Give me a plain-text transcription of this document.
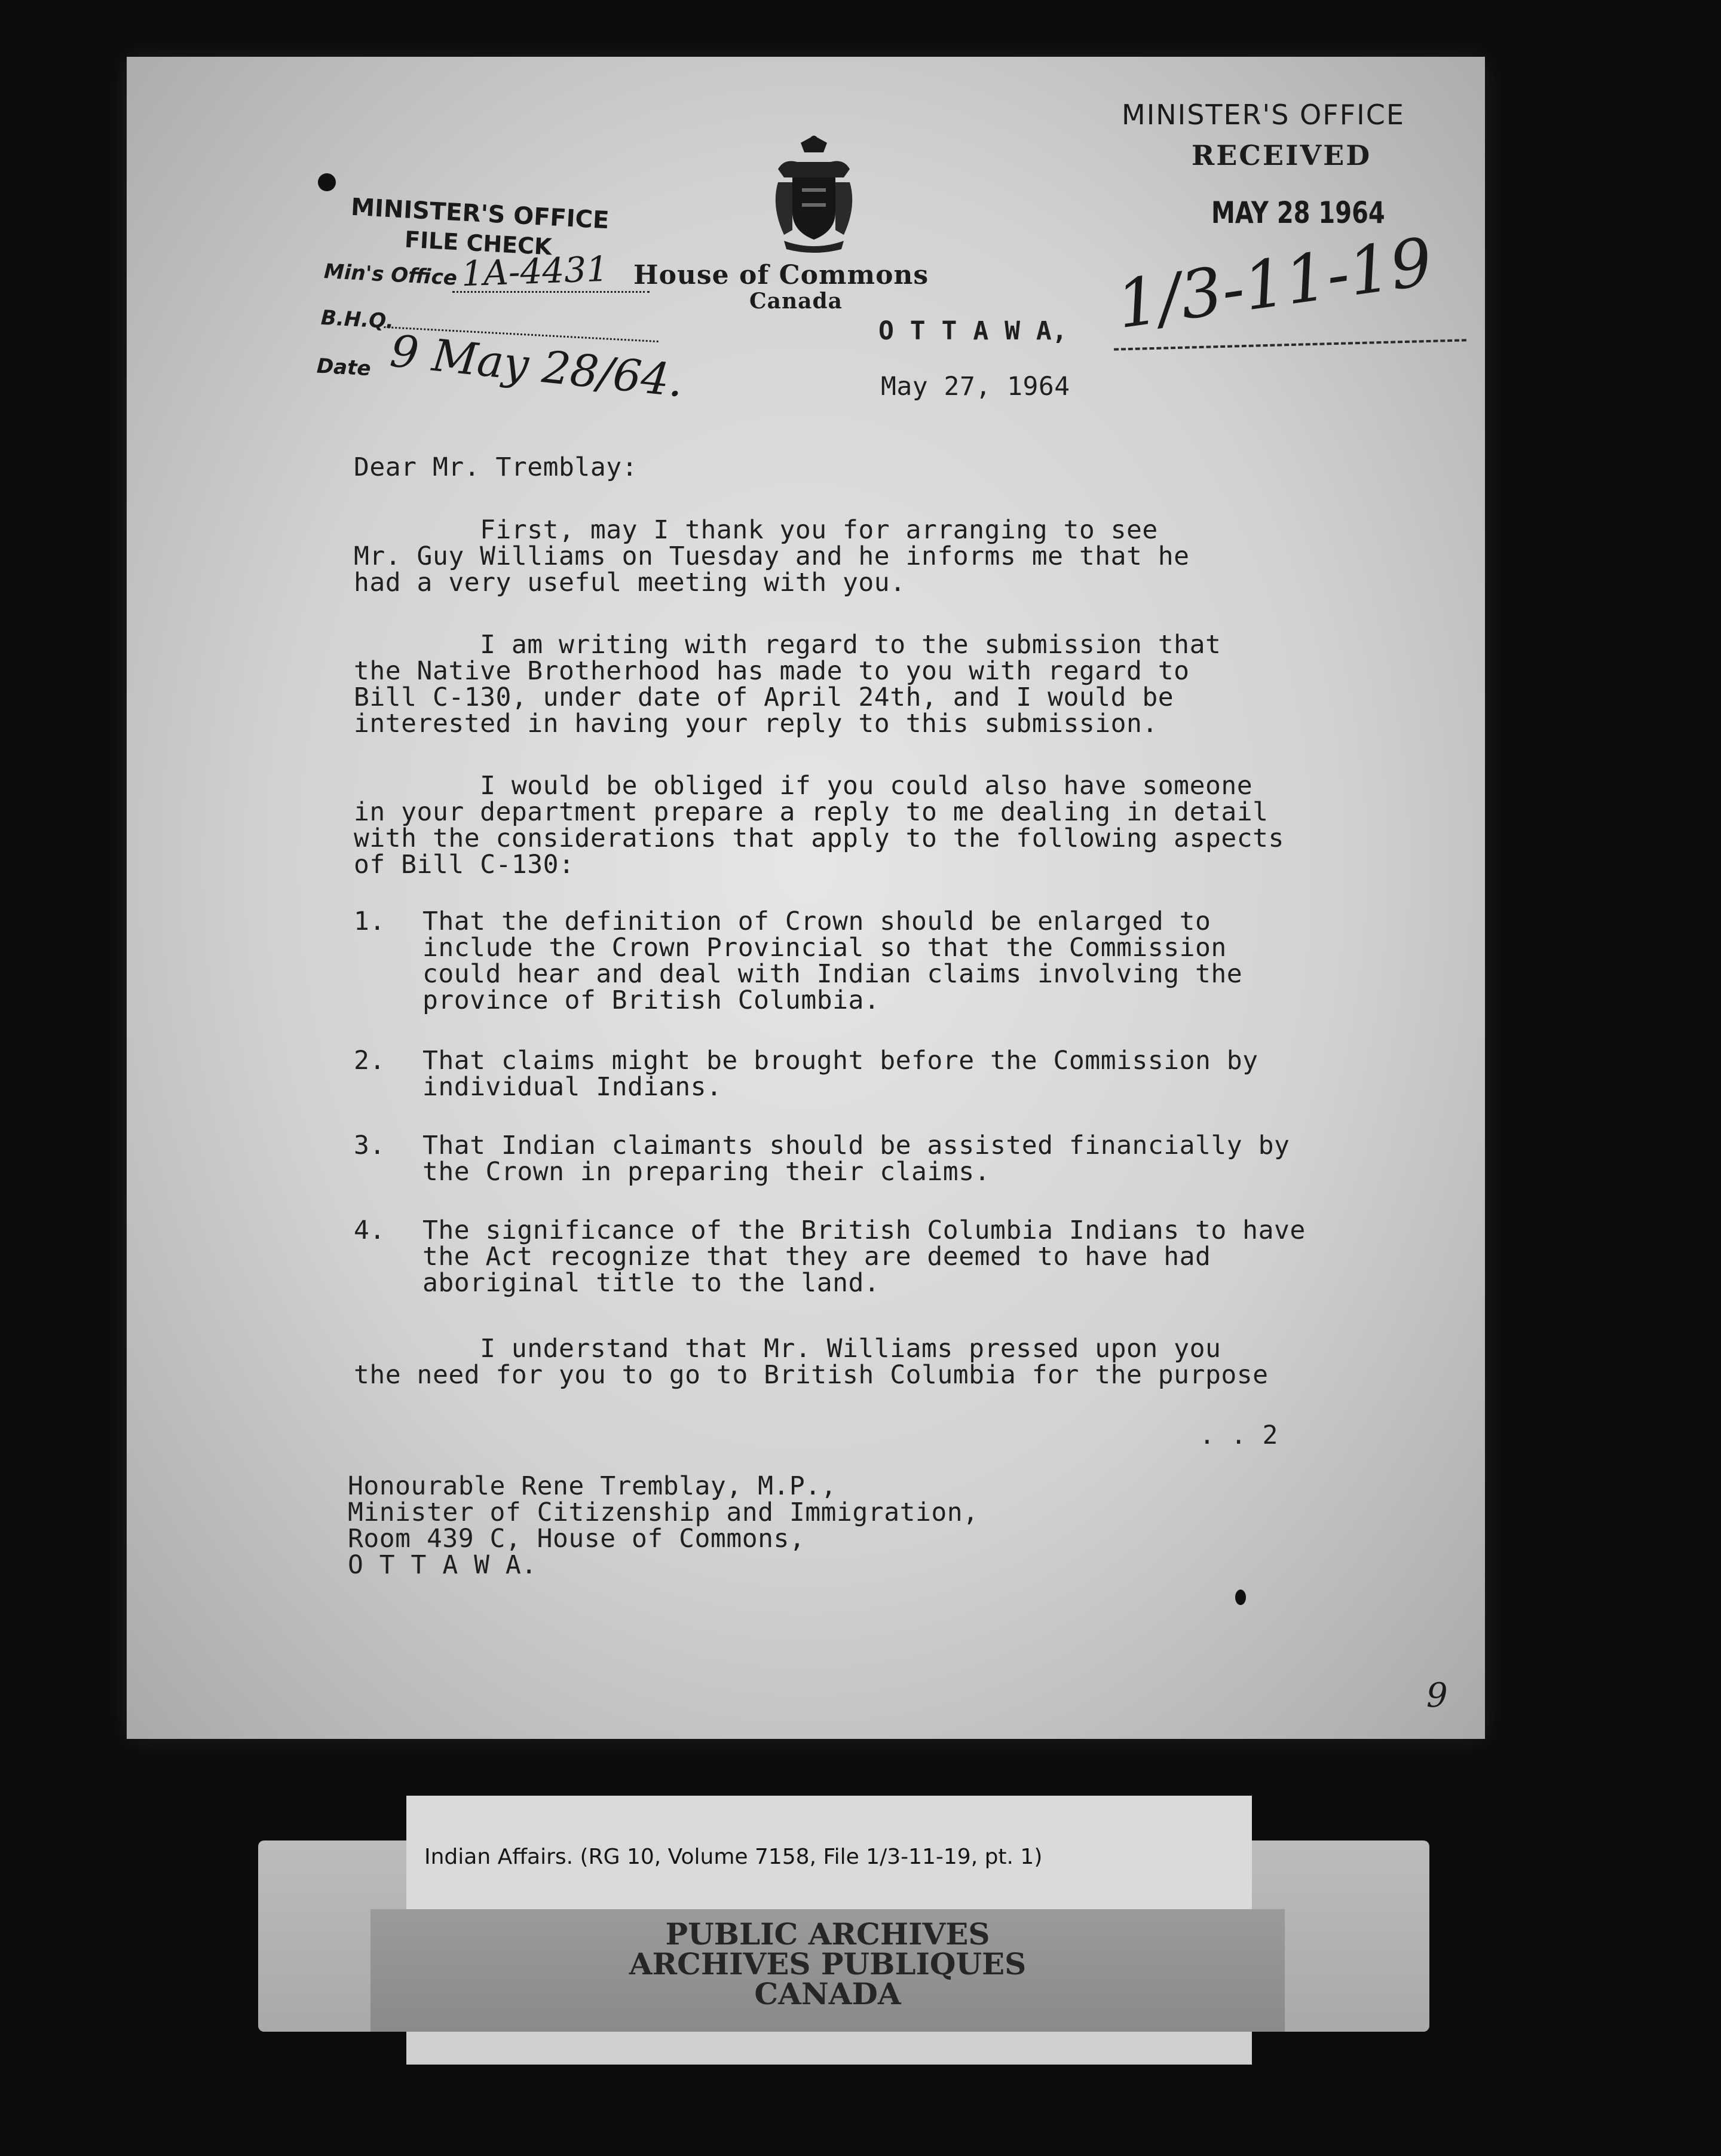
MINISTER'S OFFICE
FILE CHECK
Min's Office 1A-4431
B.H.Q.
Date 9 May 28/64.
House of Commons
Canada
O T T A W A,
May 27, 1964
MINISTER'S OFFICE
RECEIVED
MAY 28 1964
1/3-11-19
Dear Mr. Tremblay:
First, may I thank you for arranging to see
Mr. Guy Williams on Tuesday and he informs me that he
had a very useful meeting with you.
I am writing with regard to the submission that
the Native Brotherhood has made to you with regard to
Bill C-130, under date of April 24th, and I would be
interested in having your reply to this submission.
I would be obliged if you could also have someone
in your department prepare a reply to me dealing in detail
with the considerations that apply to the following aspects
of Bill C-130:
1. That the definition of Crown should be enlarged to
include the Crown Provincial so that the Commission
could hear and deal with Indian claims involving the
province of British Columbia.
2. That claims might be brought before the Commission by
individual Indians.
3. That Indian claimants should be assisted financially by
the Crown in preparing their claims.
4. The significance of the British Columbia Indians to have
the Act recognize that they are deemed to have had
aboriginal title to the land.
I understand that Mr. Williams pressed upon you
the need for you to go to British Columbia for the purpose
. . 2
Honourable Rene Tremblay, M.P.,
Minister of Citizenship and Immigration,
Room 439 C, House of Commons,
O T T A W A.
9
Indian Affairs. (RG 10, Volume 7158, File 1/3-11-19, pt. 1)
PUBLIC ARCHIVES
ARCHIVES PUBLIQUES
CANADA
